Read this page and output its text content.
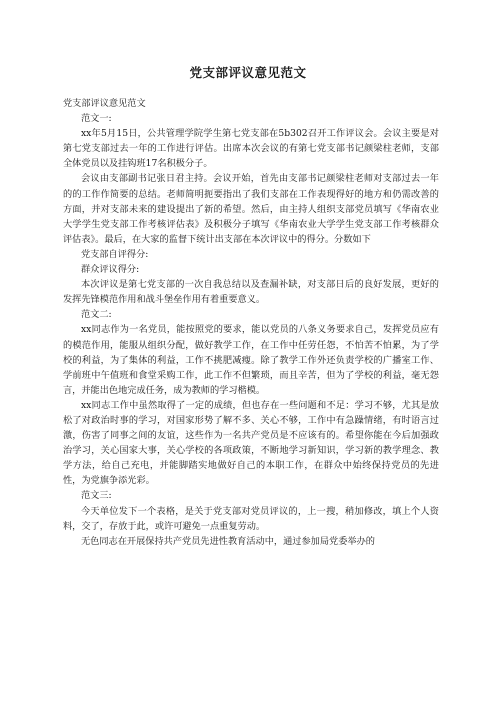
党支部评议意见范文

党支部评议意见范文

范文一:

xx年5月15日，公共管理学院学生第七党支部在5b302召开工作评议会。会议主要是对第七党支部过去一年的工作进行评估。出席本次会议的有第七党支部书记颜梁柱老师，支部全体党员以及挂钩班17名积极分子。

会议由支部副书记张日君主持。会议开始，首先由支部书记颜梁柱老师对支部过去一年的的工作作简要的总结。老师简明扼要指出了我们支部在工作表现得好的地方和仍需改善的方面，并对支部未来的建设提出了新的希望。然后，由主持人组织支部党员填写《华南农业大学学生党支部工作考核评估表》及积极分子填写《华南农业大学学生党支部工作考核群众评估表》。最后，在大家的监督下统计出支部在本次评议中的得分。分数如下

党支部自评得分:

群众评议得分:

本次评议是第七党支部的一次自我总结以及查漏补缺，对支部日后的良好发展，更好的发挥先锋模范作用和战斗堡垒作用有着重要意义。

范文二:

xx同志作为一名党员，能按照党的要求，能以党员的八条义务要求自己，发挥党员应有的模范作用，能服从组织分配，做好教学工作，在工作中任劳任怨，不怕苦不怕累，为了学校的利益，为了集体的利益，工作不挑肥减瘦。除了教学工作外还负责学校的广播室工作、学前班中午值班和食堂采购工作，此工作不但繁琐，而且辛苦，但为了学校的利益，毫无怨言，并能出色地完成任务，成为教师的学习楷模。

xx同志工作中虽然取得了一定的成绩，但也存在一些问题和不足：学习不够，尤其是放松了对政治时事的学习，对国家形势了解不多、关心不够，工作中有急躁情绪，有时语言过激，伤害了同事之间的友谊，这些作为一名共产党员是不应该有的。希望你能在今后加强政治学习，关心国家大事，关心学校的各项政策，不断地学习新知识，学习新的教学理念、教学方法，给自己充电，并能脚踏实地做好自己的本职工作，在群众中始终保持党员的先进性，为党旗争添光彩。

范文三:

今天单位发下一个表格，是关于党支部对党员评议的，上一搜，稍加修改，填上个人资料，交了，存放于此，或许可避免一点重复劳动。

无色同志在开展保持共产党员先进性教育活动中，通过参加局党委举办的
